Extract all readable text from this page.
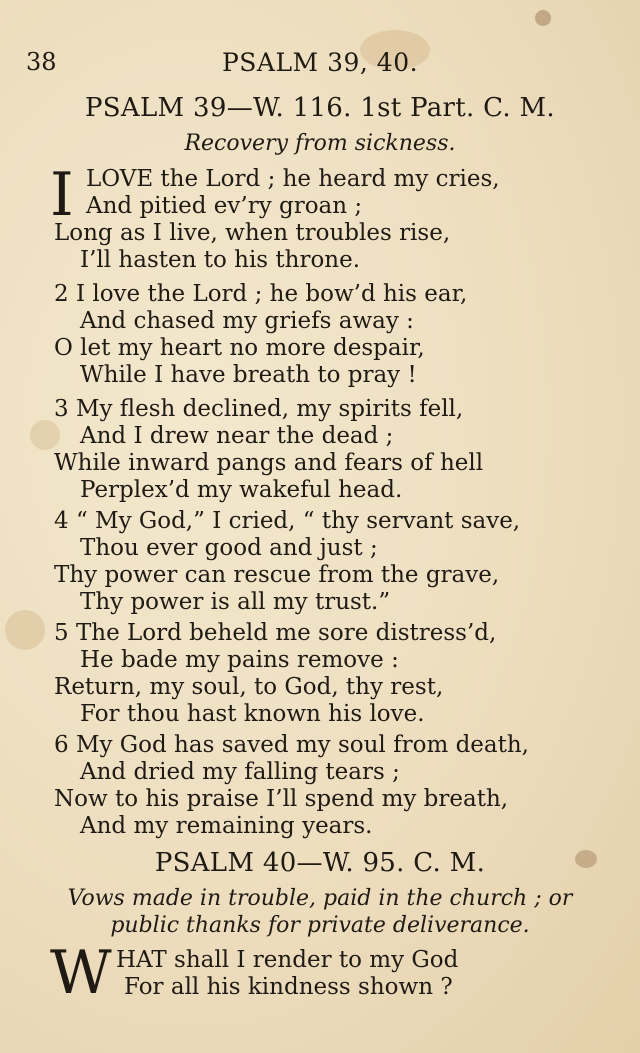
38	PSALM 39, 40.
PSALM 39—W. 116. 1st Part. C. M.
Recovery from sickness.
I LOVE the Lord ; he heard my cries,
And pitied ev’ry groan ;
Long as I live, when troubles rise,
I’ll hasten to his throne.
2 I love the Lord ; he bow’d his ear,
And chased my griefs away :
O let my heart no more despair,
While I have breath to pray !
3 My flesh declined, my spirits fell,
And I drew near the dead ;
While inward pangs and fears of hell
Perplex’d my wakeful head.
4 “ My God,” I cried, “ thy servant save,
Thou ever good and just ;
Thy power can rescue from the grave,
Thy power is all my trust.”
5 The Lord beheld me sore distress’d,
He bade my pains remove :
Return, my soul, to God, thy rest,
For thou hast known his love.
6 My God has saved my soul from death,
And dried my falling tears ;
Now to his praise I’ll spend my breath,
And my remaining years.
PSALM 40—W. 95. C. M.
Vows made in trouble, paid in the church ; or
public thanks for private deliverance.
W HAT shall I render to my God
For all his kindness shown ?
